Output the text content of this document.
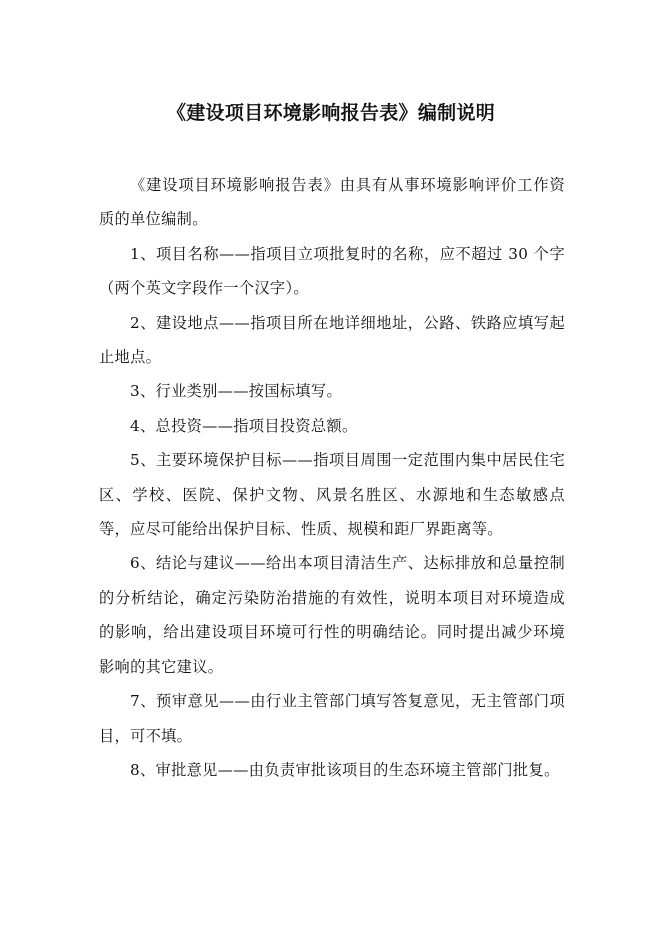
《建设项目环境影响报告表》编制说明

《建设项目环境影响报告表》由具有从事环境影响评价工作资质的单位编制。

1、项目名称——指项目立项批复时的名称，应不超过 30 个字（两个英文字段作一个汉字）。

2、建设地点——指项目所在地详细地址，公路、铁路应填写起止地点。

3、行业类别——按国标填写。

4、总投资——指项目投资总额。

5、主要环境保护目标——指项目周围一定范围内集中居民住宅区、学校、医院、保护文物、风景名胜区、水源地和生态敏感点等，应尽可能给出保护目标、性质、规模和距厂界距离等。

6、结论与建议——给出本项目清洁生产、达标排放和总量控制的分析结论，确定污染防治措施的有效性，说明本项目对环境造成的影响，给出建设项目环境可行性的明确结论。同时提出减少环境影响的其它建议。

7、预审意见——由行业主管部门填写答复意见，无主管部门项目，可不填。

8、审批意见——由负责审批该项目的生态环境主管部门批复。
